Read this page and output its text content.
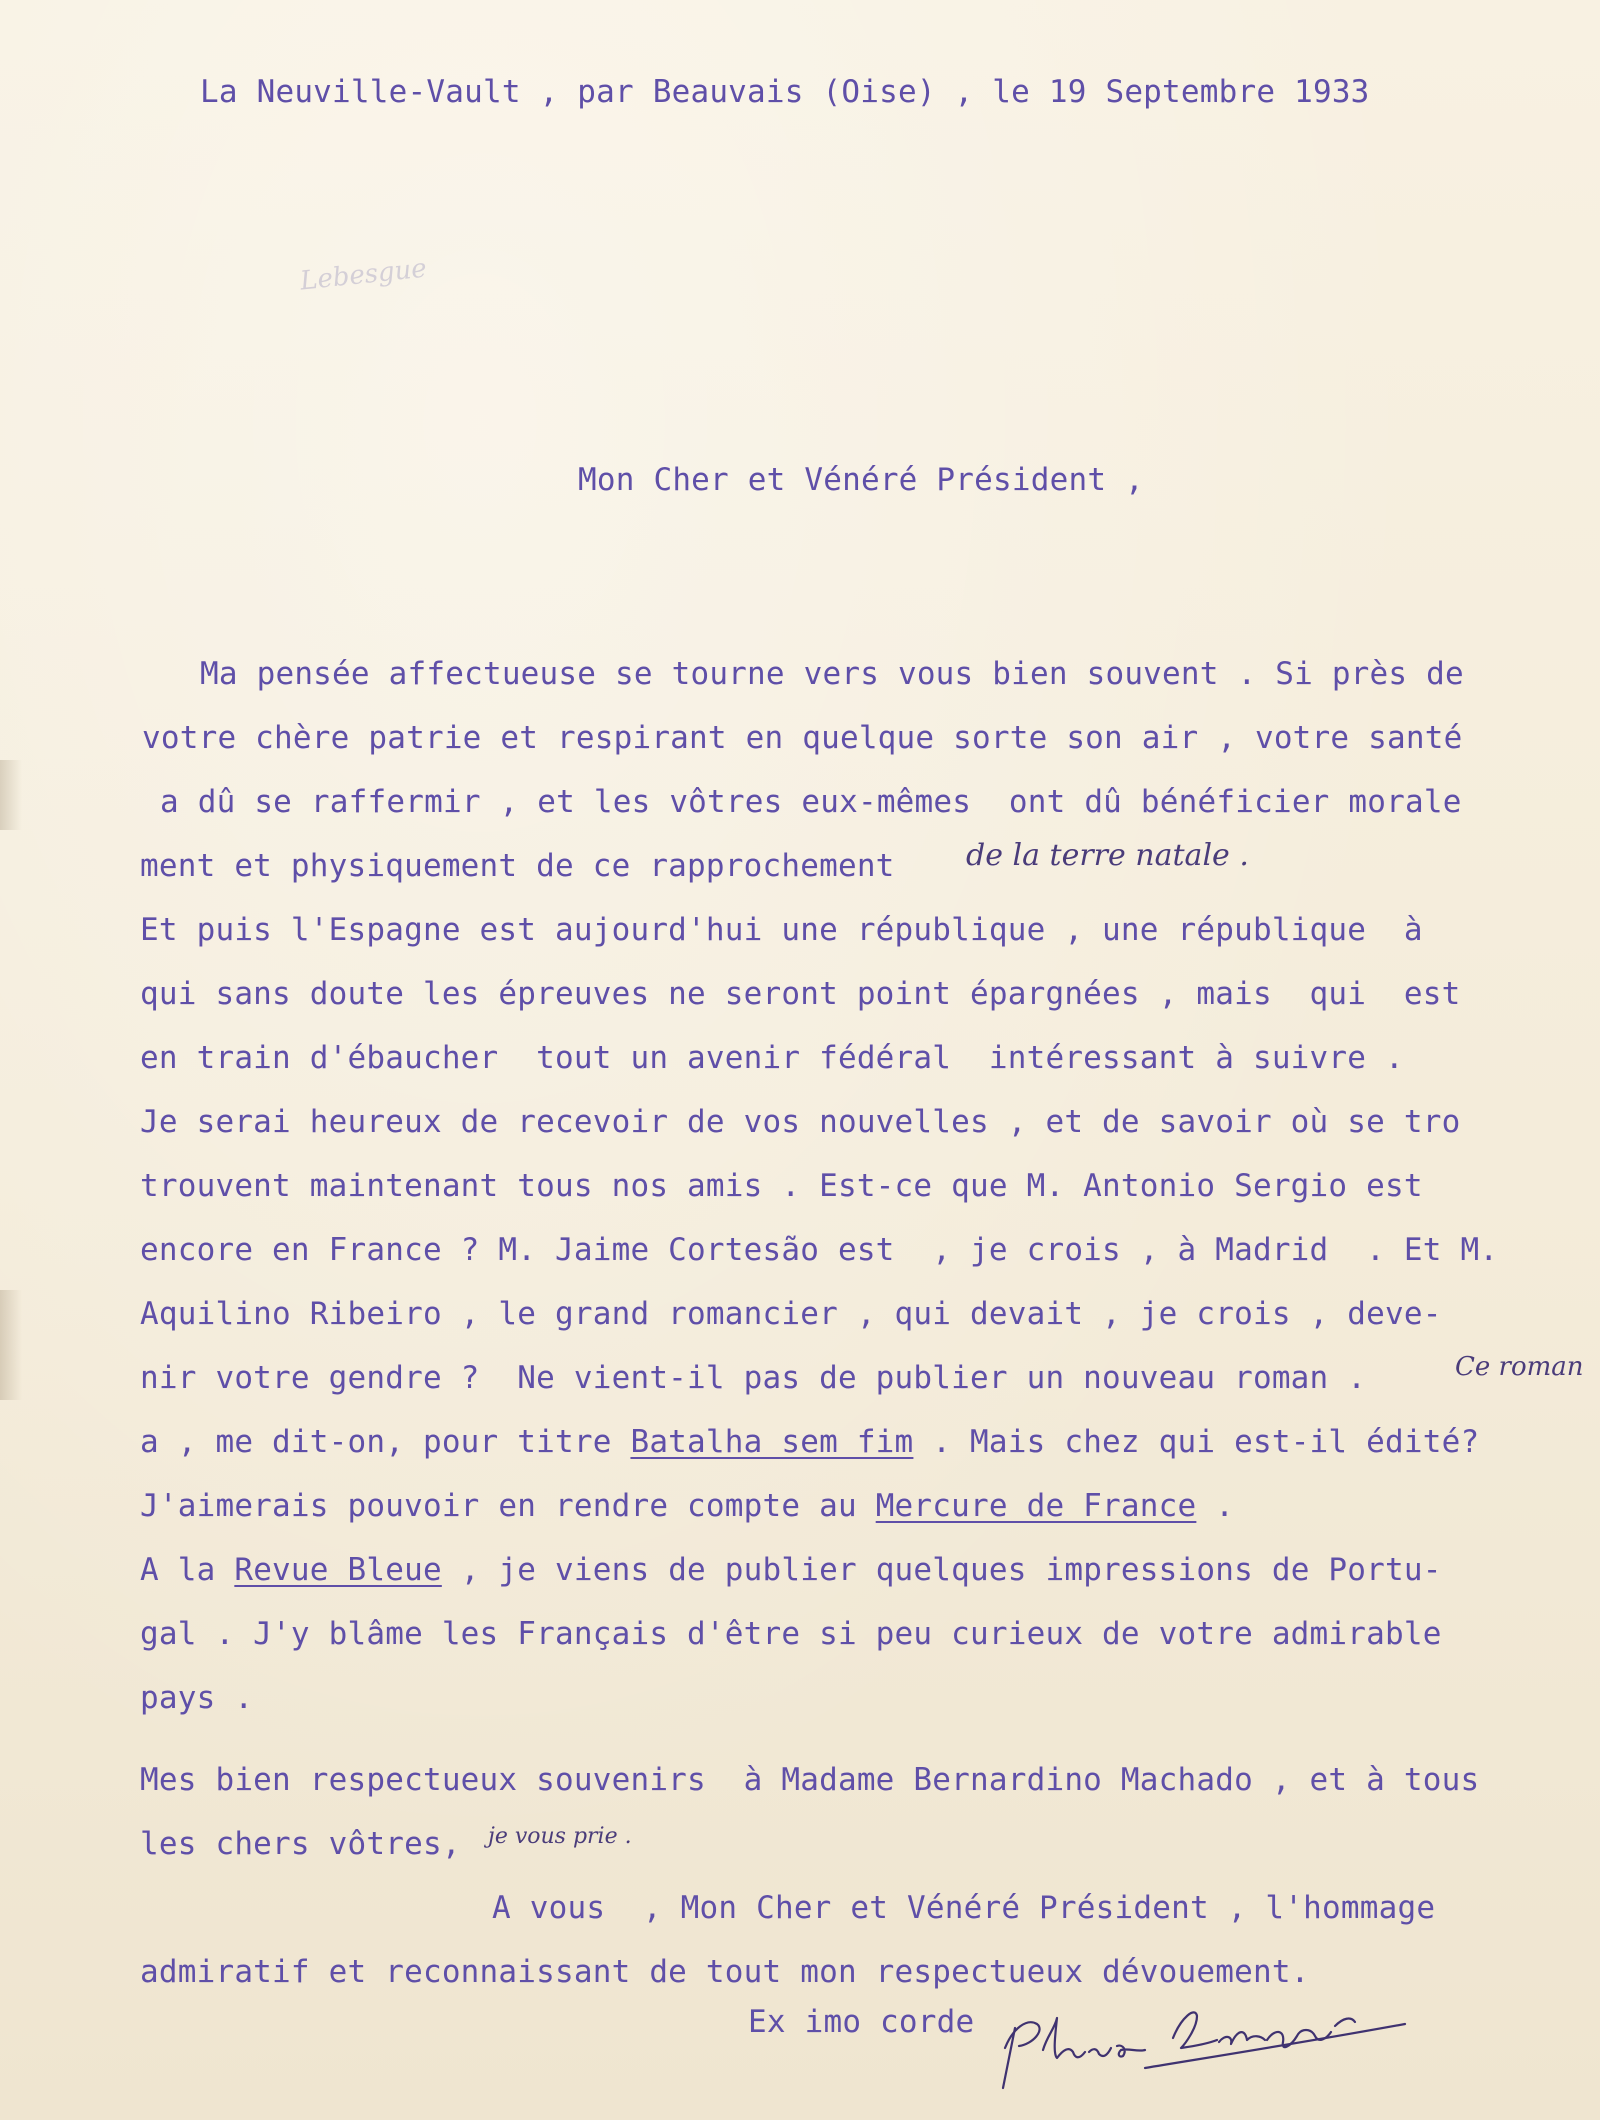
La Neuville-Vault , par Beauvais (Oise) , le 19 Septembre 1933
Lebesgue
Mon Cher et Vénéré Président ,
Ma pensée affectueuse se tourne vers vous bien souvent . Si près de
votre chère patrie et respirant en quelque sorte son air , votre santé
a dû se raffermir , et les vôtres eux-mêmes  ont dû bénéficier morale
ment et physiquement de ce rapprochement de la terre natale .
Et puis l'Espagne est aujourd'hui une république , une république  à
qui sans doute les épreuves ne seront point épargnées , mais  qui  est
en train d'ébaucher  tout un avenir fédéral  intéressant à suivre .
Je serai heureux de recevoir de vos nouvelles , et de savoir où se tro
trouvent maintenant tous nos amis . Est-ce que M. Antonio Sergio est
encore en France ? M. Jaime Cortesão est  , je crois , à Madrid  . Et M.
Aquilino Ribeiro , le grand romancier , qui devait , je crois , deve-
nir votre gendre ?  Ne vient-il pas de publier un nouveau roman .	Ce roman
a , me dit-on, pour titre Batalha sem fim . Mais chez qui est-il édité?
J'aimerais pouvoir en rendre compte au Mercure de France .
A la Revue Bleue , je viens de publier quelques impressions de Portu-
gal . J'y blâme les Français d'être si peu curieux de votre admirable
pays .
Mes bien respectueux souvenirs  à Madame Bernardino Machado , et à tous
les chers vôtres, je vous prie .
A vous  , Mon Cher et Vénéré Président , l'hommage
admiratif et reconnaissant de tout mon respectueux dévouement.
Ex imo corde
